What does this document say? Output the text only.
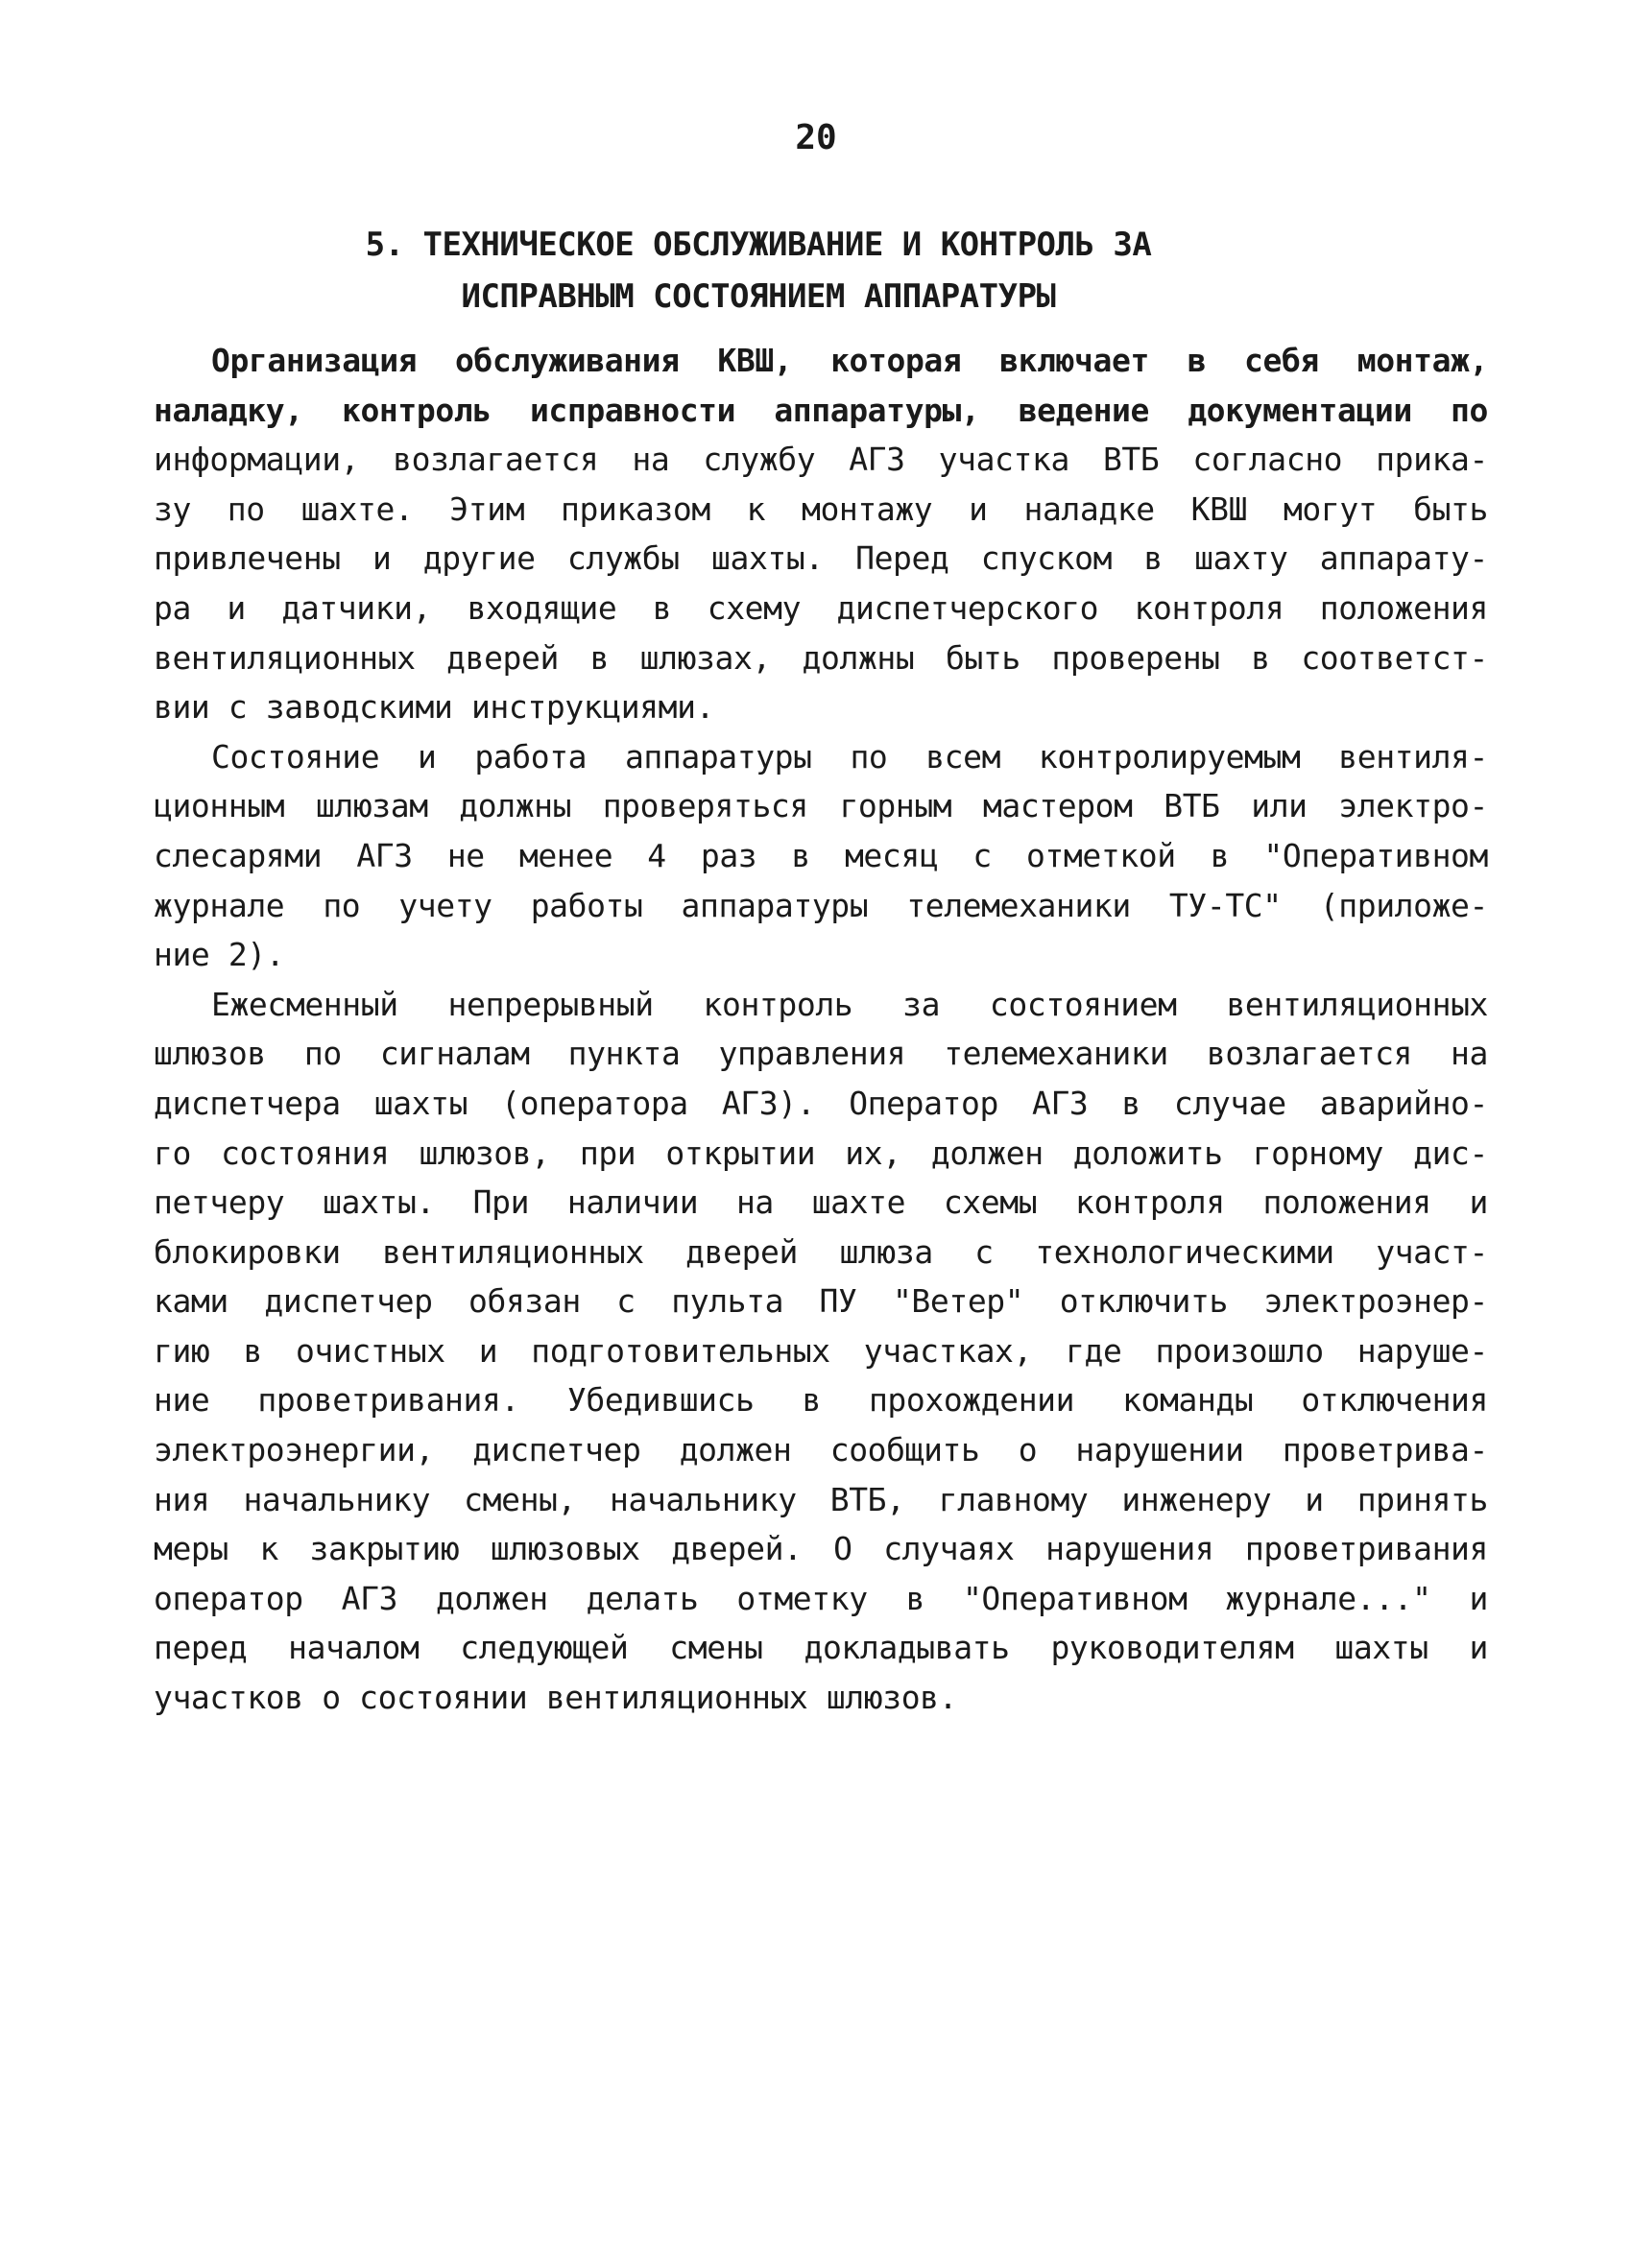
20
5. ТЕХНИЧЕСКОЕ ОБСЛУЖИВАНИЕ И КОНТРОЛЬ ЗА
ИСПРАВНЫМ СОСТОЯНИЕМ АППАРАТУРЫ
Организация обслуживания КВШ, которая включает в себя монтаж,
наладку, контроль исправности аппаратуры, ведение документации по
информации, возлагается на службу АГЗ участка ВТБ согласно прика-
зу по шахте. Этим приказом к монтажу и наладке КВШ могут быть
привлечены и другие службы шахты. Перед спуском в шахту аппарату-
ра и датчики, входящие в схему диспетчерского контроля положения
вентиляционных дверей в шлюзах, должны быть проверены в соответст-
вии с заводскими инструкциями.
Состояние и работа аппаратуры по всем контролируемым вентиля-
ционным шлюзам должны проверяться горным мастером ВТБ или электро-
слесарями АГЗ не менее 4 раз в месяц с отметкой в "Оперативном
журнале по учету работы аппаратуры телемеханики ТУ-ТС" (приложе-
ние 2).
Ежесменный непрерывный контроль за состоянием вентиляционных
шлюзов по сигналам пункта управления телемеханики возлагается на
диспетчера шахты (оператора АГЗ). Оператор АГЗ в случае аварийно-
го состояния шлюзов, при открытии их, должен доложить горному дис-
петчеру шахты. При наличии на шахте схемы контроля положения и
блокировки вентиляционных дверей шлюза с технологическими участ-
ками диспетчер обязан с пульта ПУ "Ветер" отключить электроэнер-
гию в очистных и подготовительных участках, где произошло наруше-
ние проветривания. Убедившись в прохождении команды отключения
электроэнергии, диспетчер должен сообщить о нарушении проветрива-
ния начальнику смены, начальнику ВТБ, главному инженеру и принять
меры к закрытию шлюзовых дверей. О случаях нарушения проветривания
оператор АГЗ должен делать отметку в "Оперативном журнале..." и
перед началом следующей смены докладывать руководителям шахты и
участков о состоянии вентиляционных шлюзов.
